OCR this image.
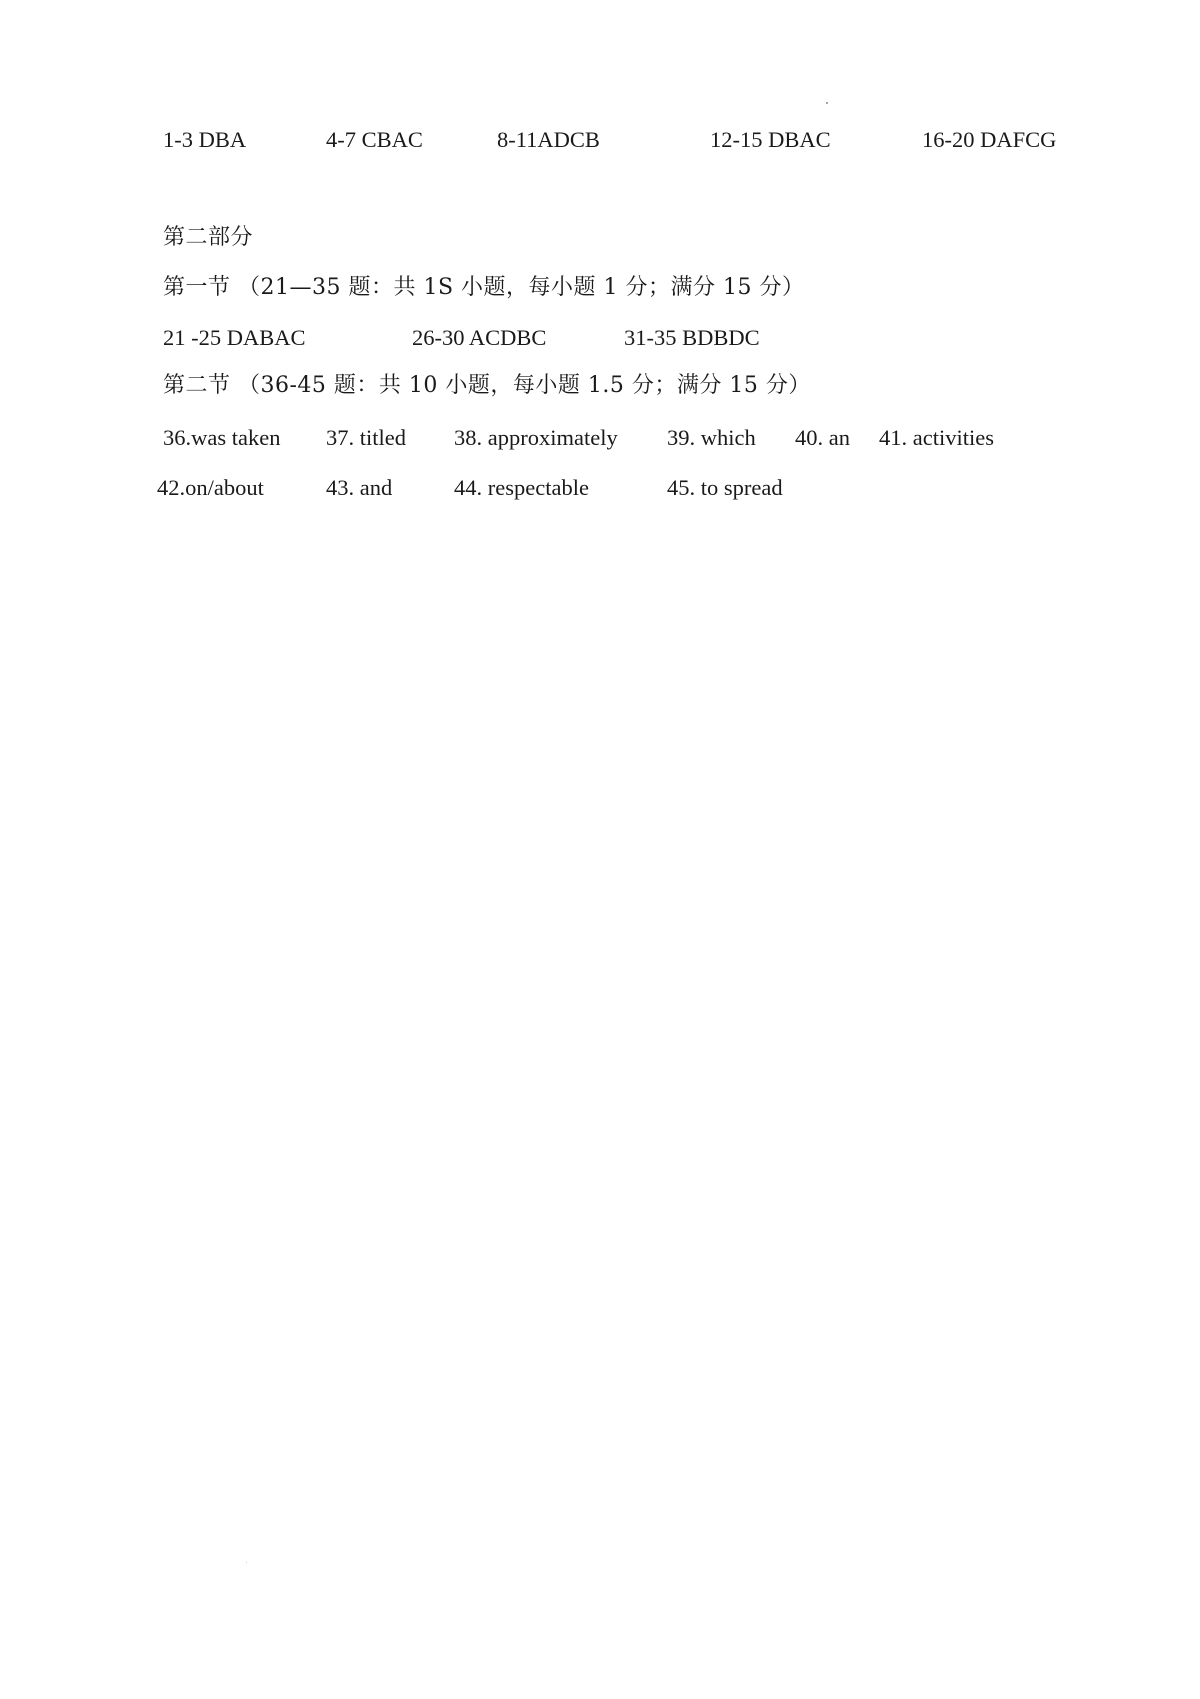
1-3 DBA	4-7 CBAC	8-11ADCB	12-15 DBAC	16-20 DAFCG
第二部分
第一节 （21—35 题：共 1S 小题，每小题 1 分；满分 15 分）
21 -25 DABAC	26-30 ACDBC	31-35 BDBDC
第二节 （36-45 题：共 10 小题，每小题 1.5 分；满分 15 分）
36.was taken 37. titled 38. approximately 39. which 40. an 41. activities
42.on/about	43. and	44. respectable	45. to spread
